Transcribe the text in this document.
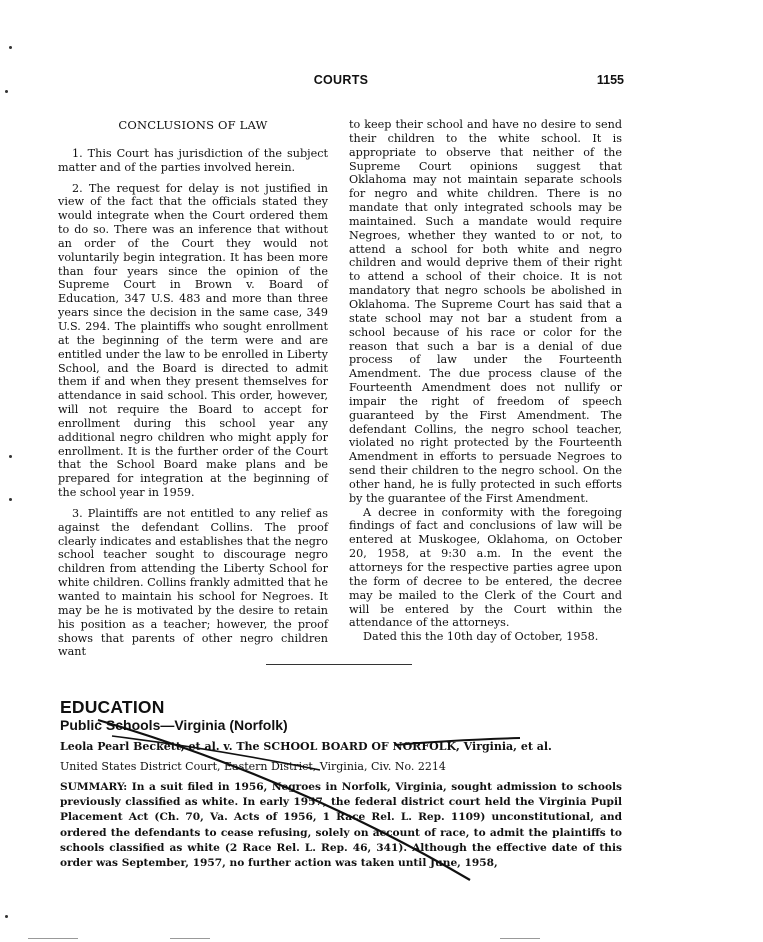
COURTS	1155
CONCLUSIONS OF LAW

1. This Court has jurisdiction of the subject matter and of the parties involved herein.

2. The request for delay is not justified in view of the fact that the officials stated they would integrate when the Court ordered them to do so. There was an inference that without an order of the Court they would not voluntarily begin integration. It has been more than four years since the opinion of the Supreme Court in Brown v. Board of Education, 347 U.S. 483 and more than three years since the decision in the same case, 349 U.S. 294. The plaintiffs who sought enrollment at the beginning of the term were and are entitled under the law to be enrolled in Liberty School, and the Board is directed to admit them if and when they present themselves for attendance in said school. This order, however, will not require the Board to accept for enrollment during this school year any additional negro children who might apply for enrollment. It is the further order of the Court that the School Board make plans and be prepared for integration at the beginning of the school year in 1959.

3. Plaintiffs are not entitled to any relief as against the defendant Collins. The proof clearly indicates and establishes that the negro school teacher sought to discourage negro children from attending the Liberty School for white children. Collins frankly admitted that he wanted to maintain his school for Negroes. It may be he is motivated by the desire to retain his position as a teacher; however, the proof shows that parents of other negro children want

to keep their school and have no desire to send their children to the white school. It is appropriate to observe that neither of the Supreme Court opinions suggest that Oklahoma may not maintain separate schools for negro and white children. There is no mandate that only integrated schools may be maintained. Such a mandate would require Negroes, whether they wanted to or not, to attend a school for both white and negro children and would deprive them of their right to attend a school of their choice. It is not mandatory that negro schools be abolished in Oklahoma. The Supreme Court has said that a state school may not bar a student from a school because of his race or color for the reason that such a bar is a denial of due process of law under the Fourteenth Amendment. The due process clause of the Fourteenth Amendment does not nullify or impair the right of freedom of speech guaranteed by the First Amendment. The defendant Collins, the negro school teacher, violated no right protected by the Fourteenth Amendment in efforts to persuade Negroes to send their children to the negro school. On the other hand, he is fully protected in such efforts by the guarantee of the First Amendment.

A decree in conformity with the foregoing findings of fact and conclusions of law will be entered at Muskogee, Oklahoma, on October 20, 1958, at 9:30 a.m. In the event the attorneys for the respective parties agree upon the form of decree to be entered, the decree may be mailed to the Clerk of the Court and will be entered by the Court within the attendance of the attorneys.

Dated this the 10th day of October, 1958.

EDUCATION
Public Schools—Virginia (Norfolk)
Leola Pearl Beckett, et al. v. The SCHOOL BOARD OF NORFOLK, Virginia, et al.
United States District Court, Eastern District, Virginia, Civ. No. 2214
SUMMARY: In a suit filed in 1956, Negroes in Norfolk, Virginia, sought admission to schools previously classified as white. In early 1957, the federal district court held the Virginia Pupil Placement Act (Ch. 70, Va. Acts of 1956, 1 Race Rel. L. Rep. 1109) unconstitutional, and ordered the defendants to cease refusing, solely on account of race, to admit the plaintiffs to schools classified as white (2 Race Rel. L. Rep. 46, 341). Although the effective date of this order was September, 1957, no further action was taken until June, 1958,
